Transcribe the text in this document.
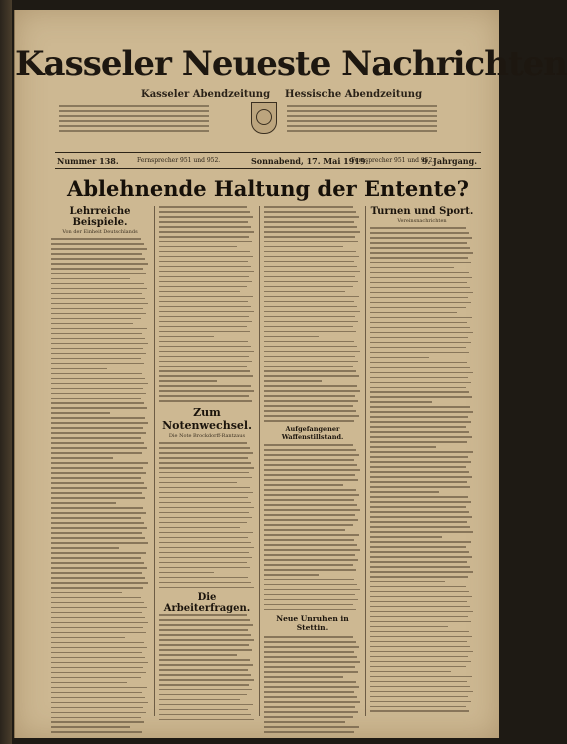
Kasseler Neueste Nachrichten
Kasseler Abendzeitung Hessische Abendzeitung
Nummer 138.	Fernsprecher 951 und 952.	Sonnabend, 17. Mai 1919.
Fernsprecher 951 und 952.
9. Jahrgang.
Ablehnende Haltung der Entente?
Lehrreiche Beispiele.
Von der Einheit Deutschlands
Zum Notenwechsel.
Die Note Brockdorff-Rantzaus
Die Arbeiterfragen.
Aufgefangener Waffenstillstand.
Neue Unruhen in Stettin.
Turnen und Sport.
Vereinsnachrichten
